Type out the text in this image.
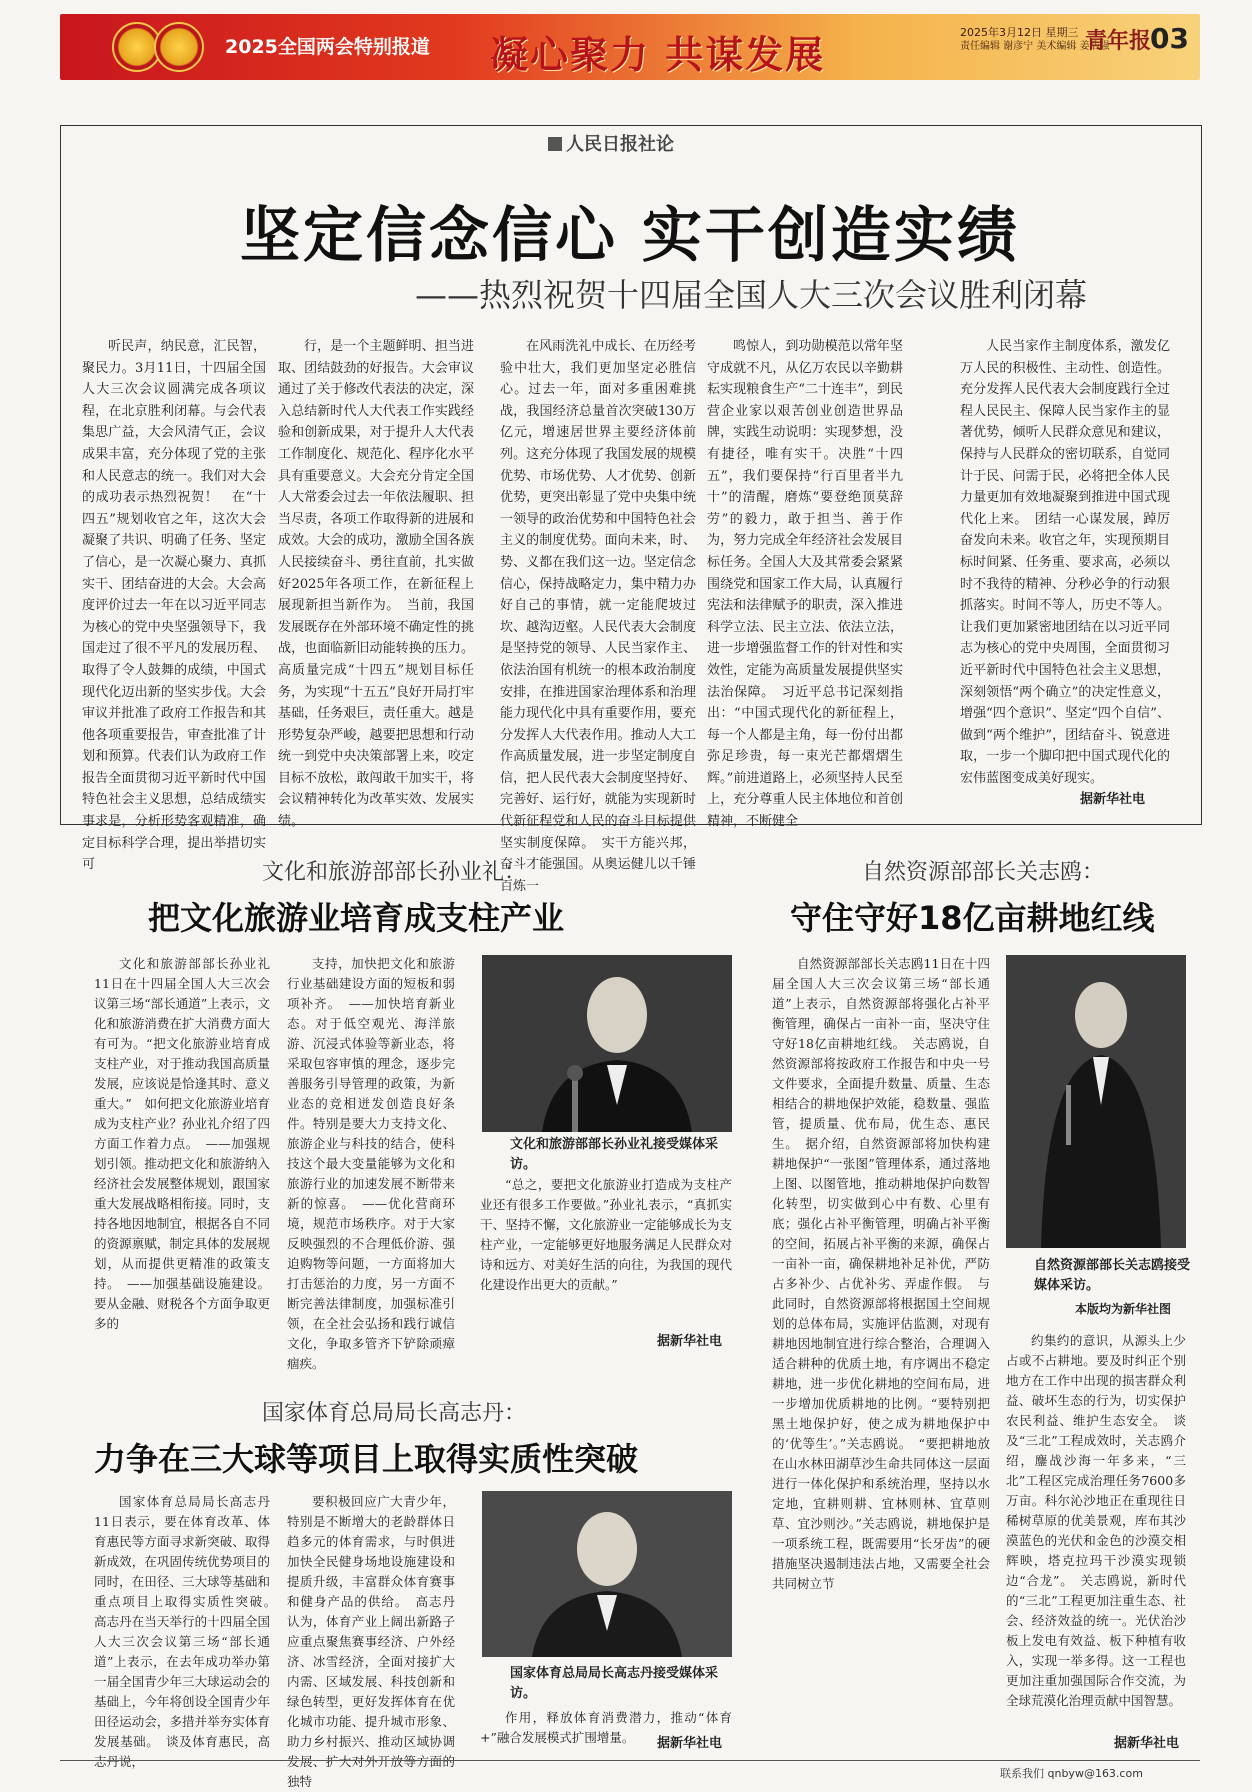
2025全国两会特别报道 凝心聚力 共谋发展	2025年3月12日 星期三
责任编辑 谢彦宁 美术编辑 姜浩强
青年报
03
人民日报社论
坚定信念信心 实干创造实绩
——热烈祝贺十四届全国人大三次会议胜利闭幕

听民声，纳民意，汇民智，聚民力。3月11日，十四届全国人大三次会议圆满完成各项议程，在北京胜利闭幕。与会代表集思广益，大会风清气正，会议成果丰富，充分体现了党的主张和人民意志的统一。我们对大会的成功表示热烈祝贺！　在“十四五”规划收官之年，这次大会凝聚了共识、明确了任务、坚定了信心，是一次凝心聚力、真抓实干、团结奋进的大会。大会高度评价过去一年在以习近平同志为核心的党中央坚强领导下，我国走过了很不平凡的发展历程、取得了令人鼓舞的成绩，中国式现代化迈出新的坚实步伐。大会审议并批准了政府工作报告和其他各项重要报告，审查批准了计划和预算。代表们认为政府工作报告全面贯彻习近平新时代中国特色社会主义思想，总结成绩实事求是，分析形势客观精准，确定目标科学合理，提出举措切实可

行，是一个主题鲜明、担当进取、团结鼓劲的好报告。大会审议通过了关于修改代表法的决定，深入总结新时代人大代表工作实践经验和创新成果，对于提升人大代表工作制度化、规范化、程序化水平具有重要意义。大会充分肯定全国人大常委会过去一年依法履职、担当尽责，各项工作取得新的进展和成效。大会的成功，激励全国各族人民接续奋斗、勇往直前，扎实做好2025年各项工作，在新征程上展现新担当新作为。　当前，我国发展既存在外部环境不确定性的挑战，也面临新旧动能转换的压力。高质量完成“十四五”规划目标任务，为实现“十五五”良好开局打牢基础，任务艰巨，责任重大。越是形势复杂严峻，越要把思想和行动统一到党中央决策部署上来，咬定目标不放松，敢闯敢干加实干，将会议精神转化为改革实效、发展实绩。

在风雨洗礼中成长、在历经考验中壮大，我们更加坚定必胜信心。过去一年，面对多重困难挑战，我国经济总量首次突破130万亿元，增速居世界主要经济体前列。这充分体现了我国发展的规模优势、市场优势、人才优势、创新优势，更突出彰显了党中央集中统一领导的政治优势和中国特色社会主义的制度优势。面向未来，时、势、义都在我们这一边。坚定信念信心，保持战略定力，集中精力办好自己的事情，就一定能爬坡过坎、越沟迈壑。人民代表大会制度是坚持党的领导、人民当家作主、依法治国有机统一的根本政治制度安排，在推进国家治理体系和治理能力现代化中具有重要作用，要充分发挥人大代表作用。推动人大工作高质量发展，进一步坚定制度自信，把人民代表大会制度坚持好、完善好、运行好，就能为实现新时代新征程党和人民的奋斗目标提供坚实制度保障。　实干方能兴邦，奋斗才能强国。从奥运健儿以千锤百炼一

鸣惊人，到功勋模范以常年坚守成就不凡，从亿万农民以辛勤耕耘实现粮食生产“二十连丰”，到民营企业家以艰苦创业创造世界品牌，实践生动说明：实现梦想，没有捷径，唯有实干。决胜“十四五”，我们要保持“行百里者半九十”的清醒，磨炼“要登绝顶莫辞劳”的毅力，敢于担当、善于作为，努力完成全年经济社会发展目标任务。全国人大及其常委会紧紧围绕党和国家工作大局，认真履行宪法和法律赋予的职责，深入推进科学立法、民主立法、依法立法，进一步增强监督工作的针对性和实效性，定能为高质量发展提供坚实法治保障。　习近平总书记深刻指出：“中国式现代化的新征程上，每一个人都是主角，每一份付出都弥足珍贵，每一束光芒都熠熠生辉。”前进道路上，必须坚持人民至上，充分尊重人民主体地位和首创精神，不断健全

人民当家作主制度体系，激发亿万人民的积极性、主动性、创造性。充分发挥人民代表大会制度践行全过程人民民主、保障人民当家作主的显著优势，倾听人民群众意见和建议，保持与人民群众的密切联系，自觉同计于民、问需于民，必将把全体人民力量更加有效地凝聚到推进中国式现代化上来。　团结一心谋发展，踔厉奋发向未来。收官之年，实现预期目标时间紧、任务重、要求高，必须以时不我待的精神、分秒必争的行动狠抓落实。时间不等人，历史不等人。让我们更加紧密地团结在以习近平同志为核心的党中央周围，全面贯彻习近平新时代中国特色社会主义思想，深刻领悟“两个确立”的决定性意义，增强“四个意识”、坚定“四个自信”、做到“两个维护”，团结奋斗、锐意进取，一步一个脚印把中国式现代化的宏伟蓝图变成美好现实。

据新华社电
文化和旅游部部长孙业礼：
把文化旅游业培育成支柱产业

文化和旅游部部长孙业礼11日在十四届全国人大三次会议第三场“部长通道”上表示，文化和旅游消费在扩大消费方面大有可为。“把文化旅游业培育成支柱产业，对于推动我国高质量发展，应该说是恰逢其时、意义重大。”　如何把文化旅游业培育成为支柱产业？孙业礼介绍了四方面工作着力点。　——加强规划引领。推动把文化和旅游纳入经济社会发展整体规划，跟国家重大发展战略相衔接。同时，支持各地因地制宜，根据各自不同的资源禀赋，制定具体的发展规划，从而提供更精准的政策支持。　——加强基础设施建设。要从金融、财税各个方面争取更多的

支持，加快把文化和旅游行业基础建设方面的短板和弱项补齐。　——加快培育新业态。对于低空观光、海洋旅游、沉浸式体验等新业态，将采取包容审慎的理念，逐步完善服务引导管理的政策，为新业态的竞相迸发创造良好条件。特别是要大力支持文化、旅游企业与科技的结合，使科技这个最大变量能够为文化和旅游行业的加速发展不断带来新的惊喜。　——优化营商环境，规范市场秩序。对于大家反映强烈的不合理低价游、强迫购物等问题，一方面将加大打击惩治的力度，另一方面不断完善法律制度，加强标准引领，在全社会弘扬和践行诚信文化，争取多管齐下铲除顽瘴痼疾。

文化和旅游部部长孙业礼接受媒体采访。

“总之，要把文化旅游业打造成为支柱产业还有很多工作要做。”孙业礼表示，“真抓实干、坚持不懈，文化旅游业一定能够成长为支柱产业，一定能够更好地服务满足人民群众对诗和远方、对美好生活的向往，为我国的现代化建设作出更大的贡献。”

据新华社电
国家体育总局局长高志丹：
力争在三大球等项目上取得实质性突破

国家体育总局局长高志丹11日表示，要在体育改革、体育惠民等方面寻求新突破、取得新成效，在巩固传统优势项目的同时，在田径、三大球等基础和重点项目上取得实质性突破。　高志丹在当天举行的十四届全国人大三次会议第三场“部长通道”上表示，在去年成功举办第一届全国青少年三大球运动会的基础上，今年将创设全国青少年田径运动会，多措并举夯实体育发展基础。　谈及体育惠民，高志丹说，

要积极回应广大青少年，特别是不断增大的老龄群体日趋多元的体育需求，与时俱进加快全民健身场地设施建设和提质升级，丰富群众体育赛事和健身产品的供给。　高志丹认为，体育产业上阔出新路子应重点聚焦赛事经济、户外经济、冰雪经济，全面对接扩大内需、区域发展、科技创新和绿色转型，更好发挥体育在优化城市功能、提升城市形象、助力乡村振兴、推动区域协调发展、扩大对外开放等方面的独特

国家体育总局局长高志丹接受媒体采访。

作用，释放体育消费潜力，推动“体育+”融合发展模式扩围增量。	据新华社电
自然资源部部长关志鸥：
守住守好18亿亩耕地红线

自然资源部部长关志鸥11日在十四届全国人大三次会议第三场“部长通道”上表示，自然资源部将强化占补平衡管理，确保占一亩补一亩，坚决守住守好18亿亩耕地红线。　关志鸥说，自然资源部将按政府工作报告和中央一号文件要求，全面提升数量、质量、生态相结合的耕地保护效能，稳数量、强监管，提质量、优布局，优生态、惠民生。　据介绍，自然资源部将加快构建耕地保护“一张图”管理体系，通过落地上图、以图管地，推动耕地保护向数智化转型，切实做到心中有数、心里有底；强化占补平衡管理，明确占补平衡的空间，拓展占补平衡的来源，确保占一亩补一亩，确保耕地补足补优，严防占多补少、占优补劣、弄虚作假。　与此同时，自然资源部将根据国土空间规划的总体布局，实施评估监测，对现有耕地因地制宜进行综合整治，合理调入适合耕种的优质土地，有序调出不稳定耕地，进一步优化耕地的空间布局，进一步增加优质耕地的比例。“要特别把黑土地保护好，使之成为耕地保护中的‘优等生’。”关志鸥说。　“要把耕地放在山水林田湖草沙生命共同体这一层面进行一体化保护和系统治理，坚持以水定地，宜耕则耕、宜林则林、宜草则草、宜沙则沙。”关志鸥说，耕地保护是一项系统工程，既需要用“长牙齿”的硬措施坚决遏制违法占地，又需要全社会共同树立节

自然资源部部长关志鸥接受媒体采访。
本版均为新华社图

约集约的意识，从源头上少占或不占耕地。要及时纠正个别地方在工作中出现的损害群众利益、破坏生态的行为，切实保护农民利益、维护生态安全。　谈及“三北”工程成效时，关志鸥介绍，鏖战沙海一年多来，“三北”工程区完成治理任务7600多万亩。科尔沁沙地正在重现往日稀树草原的优美景观，库布其沙漠蓝色的光伏和金色的沙漠交相辉映，塔克拉玛干沙漠实现锁边“合龙”。　关志鸥说，新时代的“三北”工程更加注重生态、社会、经济效益的统一。光伏治沙板上发电有效益、板下种植有收入，实现一举多得。这一工程也更加注重加强国际合作交流，为全球荒漠化治理贡献中国智慧。

据新华社电
联系我们 qnbyw@163.com
